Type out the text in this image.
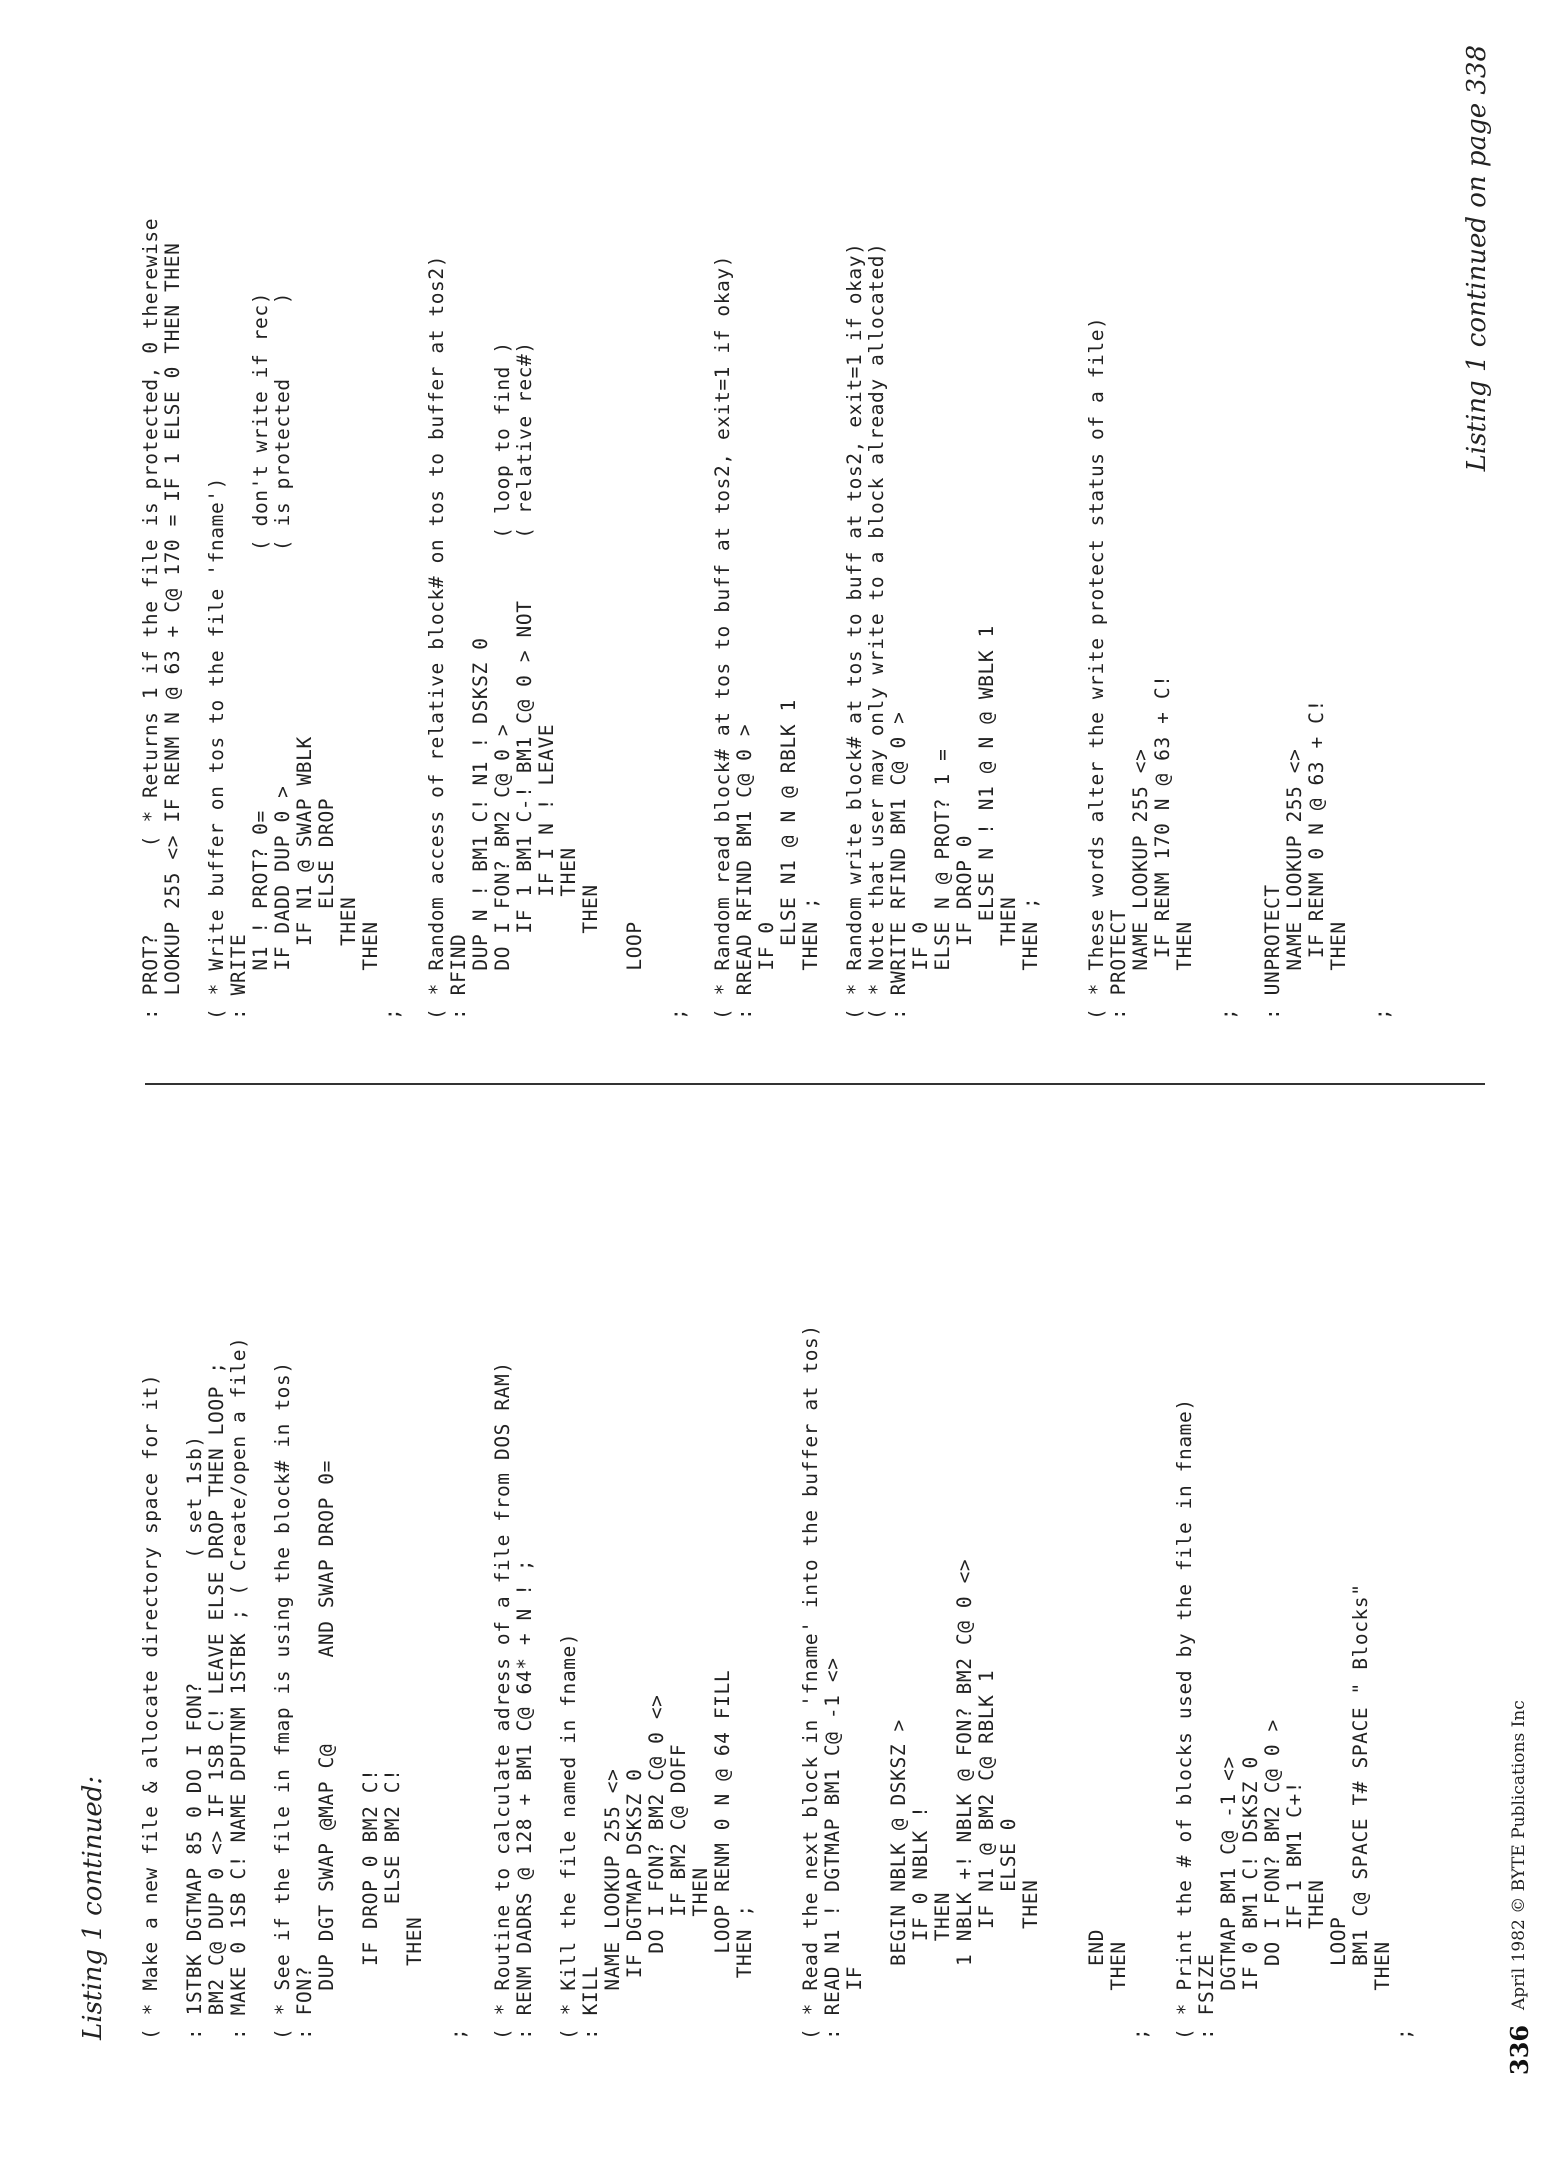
Listing 1 continued: ( * Make a new file & allocate directory space for it)

: 1STBK DGTMAP 85 0 DO I FON?          ( set 1sb)
BM2 C@ DUP 0 <> IF 1SB C! LEAVE ELSE DROP THEN LOOP ;
: MAKE 0 1SB C! NAME DPUTNM 1STBK ; ( Create/open a file)

( * See if the file in fmap is using the block# in tos)
: FON?
DUP DGT SWAP @MAP C@       AND SWAP DROP 0=

IF DROP 0 BM2 C!
ELSE BM2 C!
THEN

;

( * Routine to calculate adress of a file from DOS RAM)
: RENM DADRS @ 128 + BM1 C@ 64* + N ! ;

( * Kill the file named in fname)
: KILL
NAME LOOKUP 255 <>
IF DGTMAP DSKSZ 0
DO I FON? BM2 C@ 0 <>
IF BM2 C@ DOFF
THEN
LOOP RENM 0 N @ 64 FILL
THEN ;

( * Read the next block in 'fname' into the buffer at tos)
: READ N1 ! DGTMAP BM1 C@ -1 <>
IF

BEGIN NBLK @ DSKSZ >
IF 0 NBLK !
THEN
1 NBLK +! NBLK @ FON? BM2 C@ 0 <>
IF N1 @ BM2 C@ RBLK 1
ELSE 0
THEN

END
THEN
;

( * Print the # of blocks used by the file in fname)
: FSIZE
DGTMAP BM1 C@ -1 <>
IF 0 BM1 C! DSKSZ 0
DO I FON? BM2 C@ 0 >
IF 1 BM1 C+!
THEN
LOOP
BM1 C@ SPACE T# SPACE " Blocks"
THEN
;	336
April 1982 © BYTE Publications Inc
: PROT?       ( * Returns 1 if the file is protected, 0 therewise
LOOKUP 255 <> IF RENM N @ 63 + C@ 170 = IF 1 ELSE 0 THEN THEN

( * Write buffer on tos to the file 'fname')
: WRITE
N1 ! PROT? 0=                     ( don't write if rec)
IF DADD DUP 0 >                   ( is protected      )
IF N1 @ SWAP WBLK
ELSE DROP
THEN
THEN
;

( * Random access of relative block# on tos to buffer at tos2)
: RFIND
DUP N ! BM1 C! N1 ! DSKSZ 0
DO I FON? BM2 C@ 0 >               ( loop to find )
IF 1 BM1 C-! BM1 C@ 0 > NOT     ( relative rec#)
IF I N ! LEAVE
THEN
THEN

LOOP

;

( * Random read block# at tos to buff at tos2, exit=1 if okay)
: RREAD RFIND BM1 C@ 0 >
IF 0
ELSE N1 @ N @ RBLK 1
THEN ;

( * Random write block# at tos to buff at tos2, exit=1 if okay)
( * Note that user may only write to a block already allocated)
: RWRITE RFIND BM1 C@ 0 >
IF 0
ELSE N @ PROT? 1 =
IF DROP 0
ELSE N ! N1 @ N @ WBLK 1
THEN
THEN ;

( * These words alter the write protect status of a file)
: PROTECT
NAME LOOKUP 255 <>
IF RENM 170 N @ 63 + C!
THEN

;

: UNPROTECT
NAME LOOKUP 255 <>
IF RENM 0 N @ 63 + C!
THEN

;
Listing 1 continued on page 338
